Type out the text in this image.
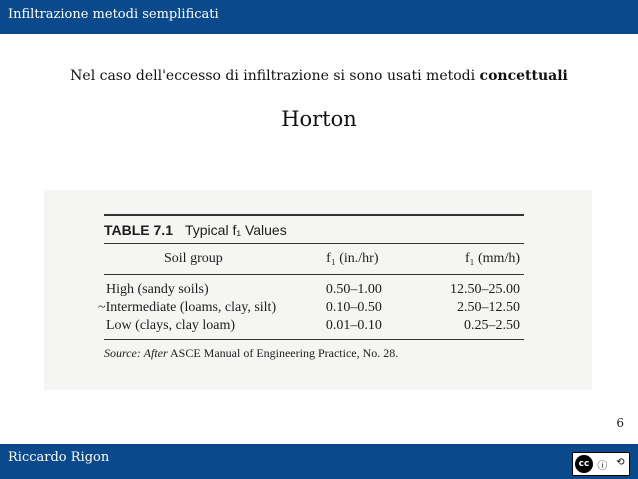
Infiltrazione metodi semplificati
Nel caso dell'eccesso di infiltrazione si sono usati metodi concettuali
Horton
TABLE 7.1 Typical f₁ Values
Soil group	f₁ (in./hr)	f₁ (mm/h)
High (sandy soils)	0.50–1.00	12.50–25.00
~Intermediate (loams, clay, silt)	0.10–0.50	2.50–12.50
Low (clays, clay loam)	0.01–0.10	0.25–2.50
Source: After ASCE Manual of Engineering Practice, No. 28.
6
Riccardo Rigon	cc ⓘ ⟲
